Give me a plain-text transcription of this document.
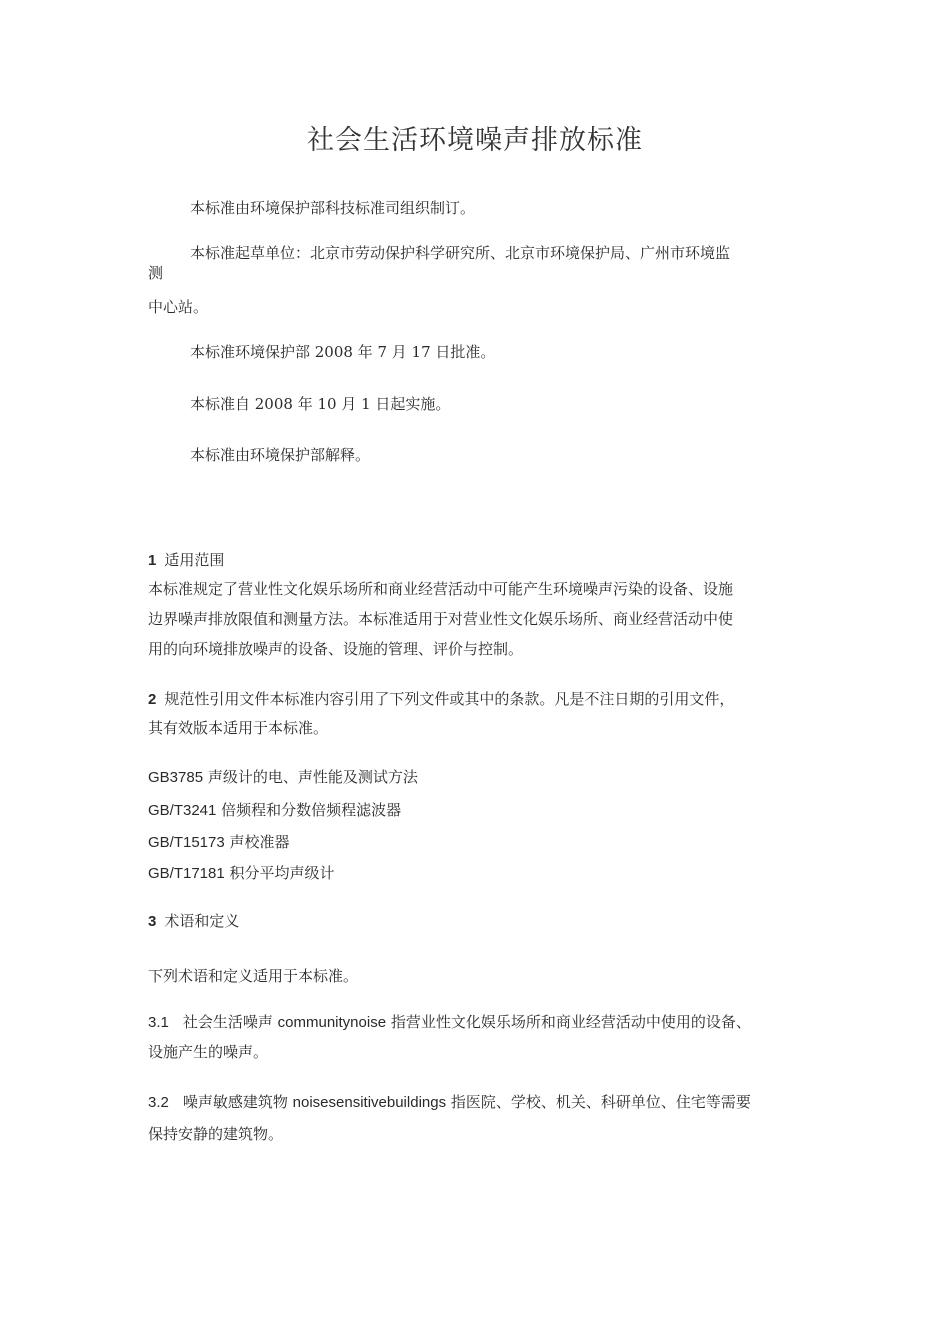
社会生活环境噪声排放标准
本标准由环境保护部科技标准司组织制订。
本标准起草单位：北京市劳动保护科学研究所、北京市环境保护局、广州市环境监
测
中心站。
本标准环境保护部 2008 年 7 月 17 日批准。
本标准自 2008 年 10 月 1 日起实施。
本标准由环境保护部解释。
1 适用范围
本标准规定了营业性文化娱乐场所和商业经营活动中可能产生环境噪声污染的设备、设施
边界噪声排放限值和测量方法。本标准适用于对营业性文化娱乐场所、商业经营活动中使
用的向环境排放噪声的设备、设施的管理、评价与控制。
2 规范性引用文件本标准内容引用了下列文件或其中的条款。凡是不注日期的引用文件，
其有效版本适用于本标准。
GB3785 声级计的电、声性能及测试方法
GB/T3241 倍频程和分数倍频程滤波器
GB/T15173 声校准器
GB/T17181 积分平均声级计
3 术语和定义
下列术语和定义适用于本标准。
3.1 社会生活噪声 communitynoise 指营业性文化娱乐场所和商业经营活动中使用的设备、
设施产生的噪声。
3.2 噪声敏感建筑物 noisesensitivebuildings 指医院、学校、机关、科研单位、住宅等需要
保持安静的建筑物。
